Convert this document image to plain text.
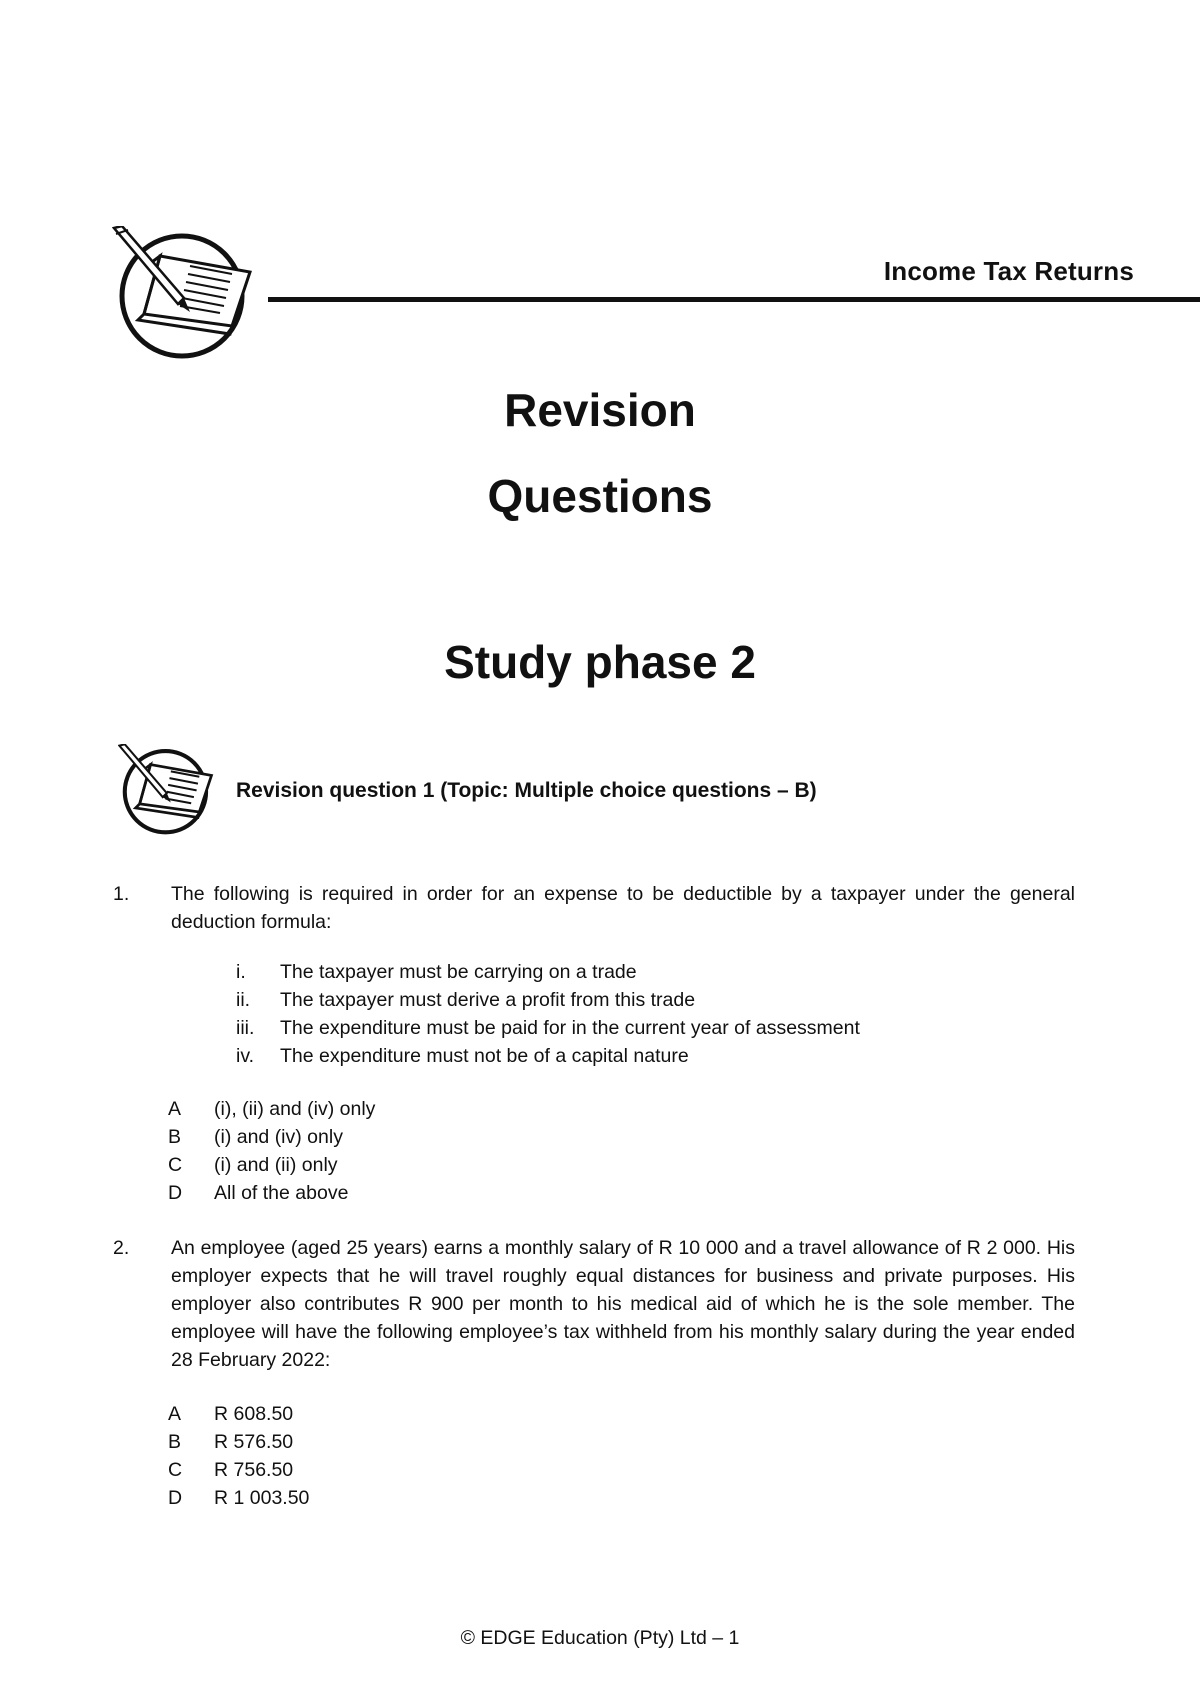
Income Tax Returns
Revision
Questions
Study phase 2
Revision question 1 (Topic: Multiple choice questions – B)
1. The following is required in order for an expense to be deductible by a taxpayer under the general deduction formula:
i. The taxpayer must be carrying on a trade
ii. The taxpayer must derive a profit from this trade
iii. The expenditure must be paid for in the current year of assessment
iv. The expenditure must not be of a capital nature
A (i), (ii) and (iv) only
B (i) and (iv) only
C (i) and (ii) only
D All of the above
2. An employee (aged 25 years) earns a monthly salary of R 10 000 and a travel allowance of R 2 000. His employer expects that he will travel roughly equal distances for business and private purposes. His employer also contributes R 900 per month to his medical aid of which he is the sole member. The employee will have the following employee’s tax withheld from his monthly salary during the year ended 28 February 2022:
A R 608.50
B R 576.50
C R 756.50
D R 1 003.50
© EDGE Education (Pty) Ltd – 1
